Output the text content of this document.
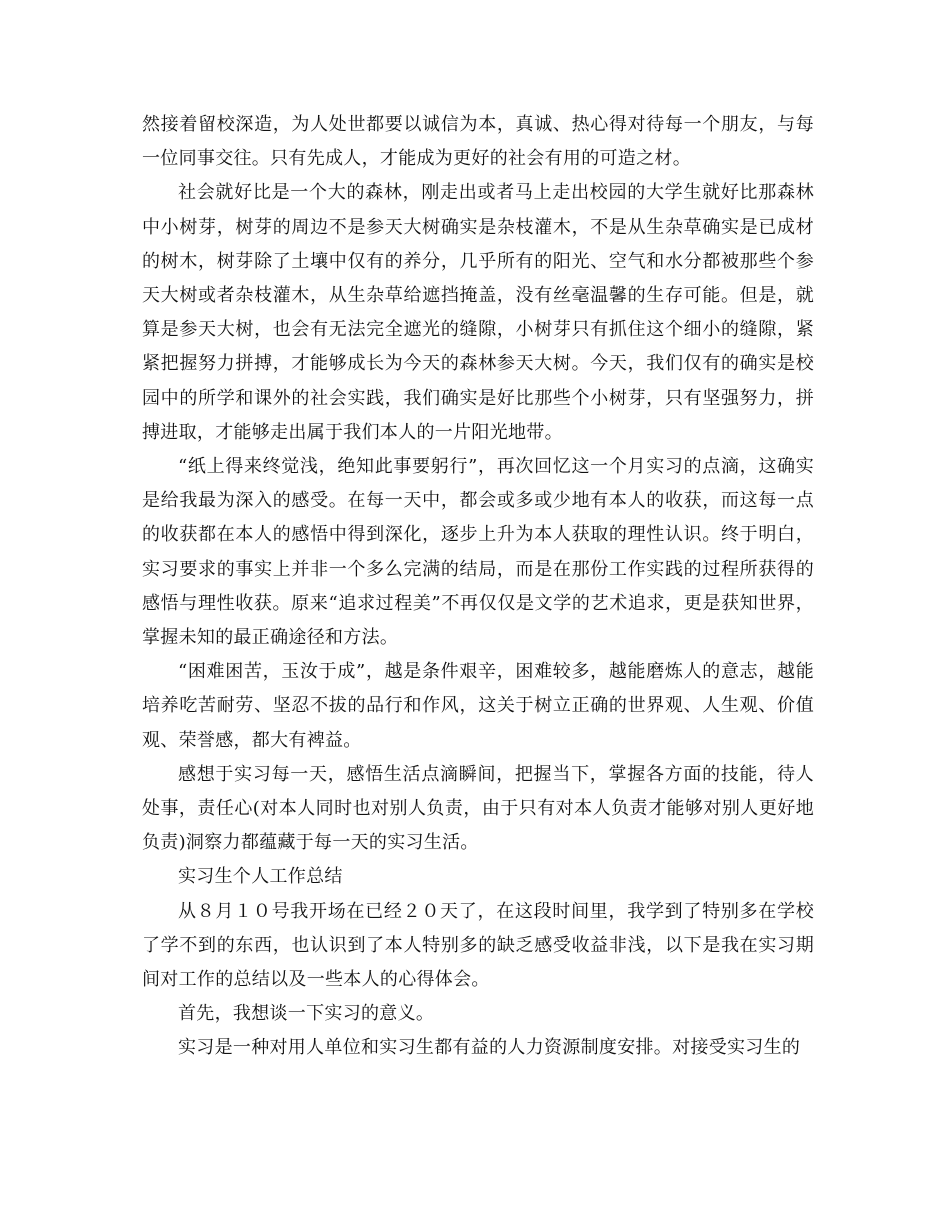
然接着留校深造，为人处世都要以诚信为本，真诚、热心得对待每一个朋友，与每一位同事交往。只有先成人，才能成为更好的社会有用的可造之材。

社会就好比是一个大的森林，刚走出或者马上走出校园的大学生就好比那森林中小树芽，树芽的周边不是参天大树确实是杂枝灌木，不是从生杂草确实是已成材的树木，树芽除了土壤中仅有的养分，几乎所有的阳光、空气和水分都被那些个参天大树或者杂枝灌木，从生杂草给遮挡掩盖，没有丝毫温馨的生存可能。但是，就算是参天大树，也会有无法完全遮光的缝隙，小树芽只有抓住这个细小的缝隙，紧紧把握努力拼搏，才能够成长为今天的森林参天大树。今天，我们仅有的确实是校园中的所学和课外的社会实践，我们确实是好比那些个小树芽，只有坚强努力，拼搏进取，才能够走出属于我们本人的一片阳光地带。

“纸上得来终觉浅，绝知此事要躬行”，再次回忆这一个月实习的点滴，这确实是给我最为深入的感受。在每一天中，都会或多或少地有本人的收获，而这每一点的收获都在本人的感悟中得到深化，逐步上升为本人获取的理性认识。终于明白，实习要求的事实上并非一个多么完满的结局，而是在那份工作实践的过程所获得的感悟与理性收获。原来“追求过程美”不再仅仅是文学的艺术追求，更是获知世界，掌握未知的最正确途径和方法。

“困难困苦，玉汝于成”，越是条件艰辛，困难较多，越能磨炼人的意志，越能培养吃苦耐劳、坚忍不拔的品行和作风，这关于树立正确的世界观、人生观、价值观、荣誉感，都大有裨益。

感想于实习每一天，感悟生活点滴瞬间，把握当下，掌握各方面的技能，待人处事，责任心(对本人同时也对别人负责，由于只有对本人负责才能够对别人更好地负责)洞察力都蕴藏于每一天的实习生活。

实习生个人工作总结

从８月１０号我开场在已经２０天了，在这段时间里，我学到了特别多在学校了学不到的东西，也认识到了本人特别多的缺乏感受收益非浅，以下是我在实习期间对工作的总结以及一些本人的心得体会。

首先，我想谈一下实习的意义。

实习是一种对用人单位和实习生都有益的人力资源制度安排。对接受实习生的
